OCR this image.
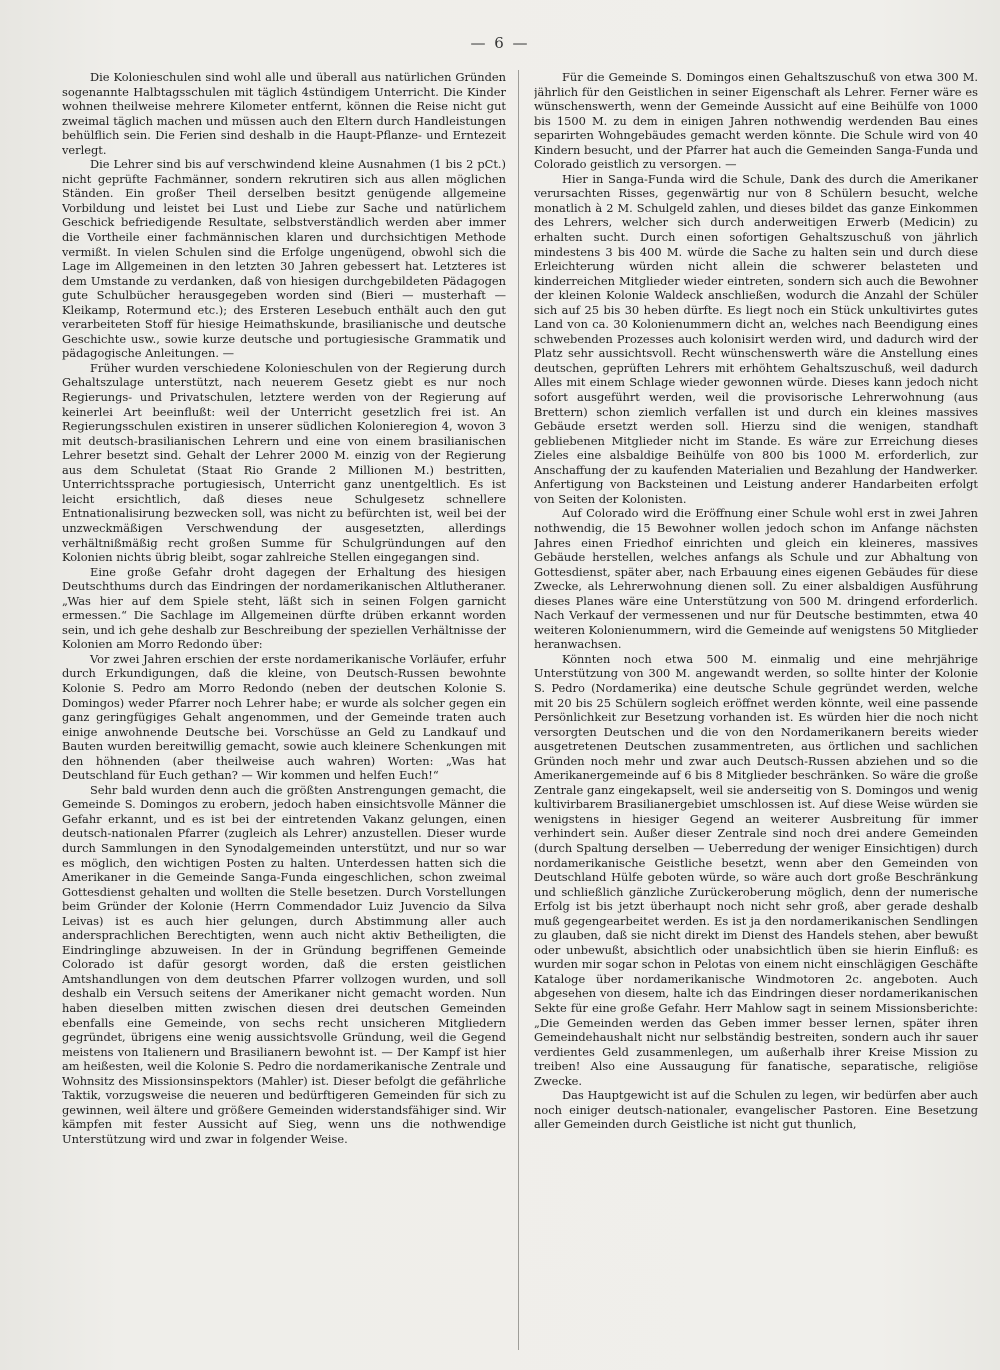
— 6 —

Die Kolonieschulen sind wohl alle und überall aus natürlichen Gründen sogenannte Halbtagsschulen mit täglich 4stündigem Unterricht. Die Kinder wohnen theilweise mehrere Kilometer entfernt, können die Reise nicht gut zweimal täglich machen und müssen auch den Eltern durch Handleistungen behülflich sein. Die Ferien sind deshalb in die Haupt-Pflanze- und Erntezeit verlegt.

Die Lehrer sind bis auf verschwindend kleine Ausnahmen (1 bis 2 pCt.) nicht geprüfte Fachmänner, sondern rekrutiren sich aus allen möglichen Ständen. Ein großer Theil derselben besitzt genügende allgemeine Vorbildung und leistet bei Lust und Liebe zur Sache und natürlichem Geschick befriedigende Resultate, selbstverständlich werden aber immer die Vortheile einer fachmännischen klaren und durchsichtigen Methode vermißt. In vielen Schulen sind die Erfolge ungenügend, obwohl sich die Lage im Allgemeinen in den letzten 30 Jahren gebessert hat. Letzteres ist dem Umstande zu verdanken, daß von hiesigen durchgebildeten Pädagogen gute Schulbücher herausgegeben worden sind (Bieri — musterhaft — Kleikamp, Rotermund etc.); des Ersteren Lesebuch enthält auch den gut verarbeiteten Stoff für hiesige Heimathskunde, brasilianische und deutsche Geschichte usw., sowie kurze deutsche und portugiesische Grammatik und pädagogische Anleitungen. —

Früher wurden verschiedene Kolonieschulen von der Regierung durch Gehaltszulage unterstützt, nach neuerem Gesetz giebt es nur noch Regierungs- und Privatschulen, letztere werden von der Regierung auf keinerlei Art beeinflußt: weil der Unterricht gesetzlich frei ist. An Regierungsschulen existiren in unserer südlichen Kolonieregion 4, wovon 3 mit deutsch-brasilianischen Lehrern und eine von einem brasilianischen Lehrer besetzt sind. Gehalt der Lehrer 2000 M. einzig von der Regierung aus dem Schuletat (Staat Rio Grande 2 Millionen M.) bestritten, Unterrichtssprache portugiesisch, Unterricht ganz unentgeltlich. Es ist leicht ersichtlich, daß dieses neue Schulgesetz schnellere Entnationalisirung bezwecken soll, was nicht zu befürchten ist, weil bei der unzweckmäßigen Verschwendung der ausgesetzten, allerdings verhältnißmäßig recht großen Summe für Schulgründungen auf den Kolonien nichts übrig bleibt, sogar zahlreiche Stellen eingegangen sind.

Eine große Gefahr droht dagegen der Erhaltung des hiesigen Deutschthums durch das Eindringen der nordamerikanischen Altlutheraner. „Was hier auf dem Spiele steht, läßt sich in seinen Folgen garnicht ermessen.“ Die Sachlage im Allgemeinen dürfte drüben erkannt worden sein, und ich gehe deshalb zur Beschreibung der speziellen Verhältnisse der Kolonien am Morro Redondo über:

Vor zwei Jahren erschien der erste nordamerikanische Vorläufer, erfuhr durch Erkundigungen, daß die kleine, von Deutsch-Russen bewohnte Kolonie S. Pedro am Morro Redondo (neben der deutschen Kolonie S. Domingos) weder Pfarrer noch Lehrer habe; er wurde als solcher gegen ein ganz geringfügiges Gehalt angenommen, und der Gemeinde traten auch einige anwohnende Deutsche bei. Vorschüsse an Geld zu Landkauf und Bauten wurden bereitwillig gemacht, sowie auch kleinere Schenkungen mit den höhnenden (aber theilweise auch wahren) Worten: „Was hat Deutschland für Euch gethan? — Wir kommen und helfen Euch!“

Sehr bald wurden denn auch die größten Anstrengungen gemacht, die Gemeinde S. Domingos zu erobern, jedoch haben einsichtsvolle Männer die Gefahr erkannt, und es ist bei der eintretenden Vakanz gelungen, einen deutsch-nationalen Pfarrer (zugleich als Lehrer) anzustellen. Dieser wurde durch Sammlungen in den Synodalgemeinden unterstützt, und nur so war es möglich, den wichtigen Posten zu halten. Unterdessen hatten sich die Amerikaner in die Gemeinde Sanga-Funda eingeschlichen, schon zweimal Gottesdienst gehalten und wollten die Stelle besetzen. Durch Vorstellungen beim Gründer der Kolonie (Herrn Commendador Luiz Juvencio da Silva Leivas) ist es auch hier gelungen, durch Abstimmung aller auch andersprachlichen Berechtigten, wenn auch nicht aktiv Betheiligten, die Eindringlinge abzuweisen. In der in Gründung begriffenen Gemeinde Colorado ist dafür gesorgt worden, daß die ersten geistlichen Amtshandlungen von dem deutschen Pfarrer vollzogen wurden, und soll deshalb ein Versuch seitens der Amerikaner nicht gemacht worden. Nun haben dieselben mitten zwischen diesen drei deutschen Gemeinden ebenfalls eine Gemeinde, von sechs recht unsicheren Mitgliedern gegründet, übrigens eine wenig aussichtsvolle Gründung, weil die Gegend meistens von Italienern und Brasilianern bewohnt ist. — Der Kampf ist hier am heißesten, weil die Kolonie S. Pedro die nordamerikanische Zentrale und Wohnsitz des Missionsinspektors (Mahler) ist. Dieser befolgt die gefährliche Taktik, vorzugsweise die neueren und bedürftigeren Gemeinden für sich zu gewinnen, weil ältere und größere Gemeinden widerstandsfähiger sind. Wir kämpfen mit fester Aussicht auf Sieg, wenn uns die nothwendige Unterstützung wird und zwar in folgender Weise.

Für die Gemeinde S. Domingos einen Gehaltszuschuß von etwa 300 M. jährlich für den Geistlichen in seiner Eigenschaft als Lehrer. Ferner wäre es wünschenswerth, wenn der Gemeinde Aussicht auf eine Beihülfe von 1000 bis 1500 M. zu dem in einigen Jahren nothwendig werdenden Bau eines separirten Wohngebäudes gemacht werden könnte. Die Schule wird von 40 Kindern besucht, und der Pfarrer hat auch die Gemeinden Sanga-Funda und Colorado geistlich zu versorgen. —

Hier in Sanga-Funda wird die Schule, Dank des durch die Amerikaner verursachten Risses, gegenwärtig nur von 8 Schülern besucht, welche monatlich à 2 M. Schulgeld zahlen, und dieses bildet das ganze Einkommen des Lehrers, welcher sich durch anderweitigen Erwerb (Medicin) zu erhalten sucht. Durch einen sofortigen Gehaltszuschuß von jährlich mindestens 3 bis 400 M. würde die Sache zu halten sein und durch diese Erleichterung würden nicht allein die schwerer belasteten und kinderreichen Mitglieder wieder eintreten, sondern sich auch die Bewohner der kleinen Kolonie Waldeck anschließen, wodurch die Anzahl der Schüler sich auf 25 bis 30 heben dürfte. Es liegt noch ein Stück unkultivirtes gutes Land von ca. 30 Kolonienummern dicht an, welches nach Beendigung eines schwebenden Prozesses auch kolonisirt werden wird, und dadurch wird der Platz sehr aussichtsvoll. Recht wünschenswerth wäre die Anstellung eines deutschen, geprüften Lehrers mit erhöhtem Gehaltszuschuß, weil dadurch Alles mit einem Schlage wieder gewonnen würde. Dieses kann jedoch nicht sofort ausgeführt werden, weil die provisorische Lehrerwohnung (aus Brettern) schon ziemlich verfallen ist und durch ein kleines massives Gebäude ersetzt werden soll. Hierzu sind die wenigen, standhaft gebliebenen Mitglieder nicht im Stande. Es wäre zur Erreichung dieses Zieles eine alsbaldige Beihülfe von 800 bis 1000 M. erforderlich, zur Anschaffung der zu kaufenden Materialien und Bezahlung der Handwerker. Anfertigung von Backsteinen und Leistung anderer Handarbeiten erfolgt von Seiten der Kolonisten.

Auf Colorado wird die Eröffnung einer Schule wohl erst in zwei Jahren nothwendig, die 15 Bewohner wollen jedoch schon im Anfange nächsten Jahres einen Friedhof einrichten und gleich ein kleineres, massives Gebäude herstellen, welches anfangs als Schule und zur Abhaltung von Gottesdienst, später aber, nach Erbauung eines eigenen Gebäudes für diese Zwecke, als Lehrerwohnung dienen soll. Zu einer alsbaldigen Ausführung dieses Planes wäre eine Unterstützung von 500 M. dringend erforderlich. Nach Verkauf der vermessenen und nur für Deutsche bestimmten, etwa 40 weiteren Kolonienummern, wird die Gemeinde auf wenigstens 50 Mitglieder heranwachsen.

Könnten noch etwa 500 M. einmalig und eine mehrjährige Unterstützung von 300 M. angewandt werden, so sollte hinter der Kolonie S. Pedro (Nordamerika) eine deutsche Schule gegründet werden, welche mit 20 bis 25 Schülern sogleich eröffnet werden könnte, weil eine passende Persönlichkeit zur Besetzung vorhanden ist. Es würden hier die noch nicht versorgten Deutschen und die von den Nordamerikanern bereits wieder ausgetretenen Deutschen zusammentreten, aus örtlichen und sachlichen Gründen noch mehr und zwar auch Deutsch-Russen abziehen und so die Amerikanergemeinde auf 6 bis 8 Mitglieder beschränken. So wäre die große Zentrale ganz eingekapselt, weil sie anderseitig von S. Domingos und wenig kultivirbarem Brasilianergebiet umschlossen ist. Auf diese Weise würden sie wenigstens in hiesiger Gegend an weiterer Ausbreitung für immer verhindert sein. Außer dieser Zentrale sind noch drei andere Gemeinden (durch Spaltung derselben — Ueberredung der weniger Einsichtigen) durch nordamerikanische Geistliche besetzt, wenn aber den Gemeinden von Deutschland Hülfe geboten würde, so wäre auch dort große Beschränkung und schließlich gänzliche Zurückeroberung möglich, denn der numerische Erfolg ist bis jetzt überhaupt noch nicht sehr groß, aber gerade deshalb muß gegengearbeitet werden. Es ist ja den nordamerikanischen Sendlingen zu glauben, daß sie nicht direkt im Dienst des Handels stehen, aber bewußt oder unbewußt, absichtlich oder unabsichtlich üben sie hierin Einfluß: es wurden mir sogar schon in Pelotas von einem nicht einschlägigen Geschäfte Kataloge über nordamerikanische Windmotoren 2c. angeboten. Auch abgesehen von diesem, halte ich das Eindringen dieser nordamerikanischen Sekte für eine große Gefahr. Herr Mahlow sagt in seinem Missionsberichte: „Die Gemeinden werden das Geben immer besser lernen, später ihren Gemeindehaushalt nicht nur selbständig bestreiten, sondern auch ihr sauer verdientes Geld zusammenlegen, um außerhalb ihrer Kreise Mission zu treiben! Also eine Aussaugung für fanatische, separatische, religiöse Zwecke.

Das Hauptgewicht ist auf die Schulen zu legen, wir bedürfen aber auch noch einiger deutsch-nationaler, evangelischer Pastoren. Eine Besetzung aller Gemeinden durch Geistliche ist nicht gut thunlich,
